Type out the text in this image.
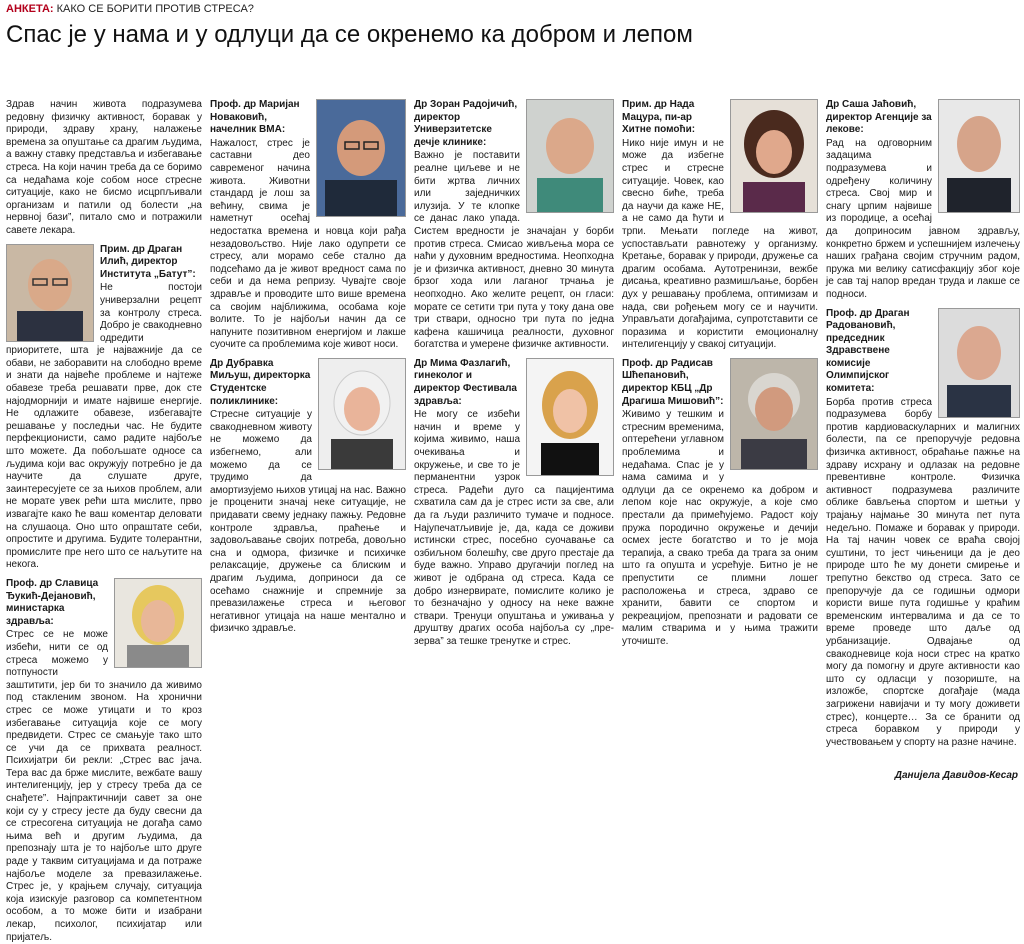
АНКЕТА: КАКО СЕ БОРИТИ ПРОТИВ СТРЕСА?
Спас је у нама и у одлуци да се окренемо ка добром и лепом

Здрав начин живота подразумева редовну физичку активност, боравак у природи, здраву храну, налажење времена за опуштање са драгим људима, а важну ставку представља и избегавање стреса. На који начин треба да се боримо са недаћама које собом носе стресне ситуације, како не бисмо исцрпљивали организам и патили од болести „на нервној бази”, питало смо и потражили савете лекара.

Прим. др Драган Илић, директор Института „Батут”:

Не постоји универзални рецепт за контролу стреса. Добро је свакодневно одредити приоритете, шта је најважније да се обави, не заборавити на слободно време и знати да највеће проблеме и најтеже обавезе треба решавати прве, док сте најодморнији и имате највише енергије. Не одлажите обавезе, избегавајте решавање у последњи час. Не будите перфекционисти, само радите најбоље што можете. Да побољшате односе са људима који вас окружују потребно је да научите да слушате друге, заинтересујете се за њихов проблем, али не морате увек рећи шта мислите, прво извагајте како ће ваш коментар деловати на слушаоца. Оно што опраштате себи, опростите и другима. Будите толерантни, промислите пре него што се наљутите на некога.

Проф. др Славица Ђукић-Дејановић, министарка здравља:

Стрес се не може избећи, нити се од стреса можемо у потпуности заштитити, јер би то значило да живимо под стакленим звоном. На хронични стрес се може утицати и то кроз избегавање ситуација које се могу предвидети. Стрес се смањује тако што се учи да се прихвата реалност. Психијатри би рекли: „Стрес вас јача. Тера вас да брже мислите, вежбате вашу интелигенцију, јер у стресу треба да се снађете”. Најпрактичнији савет за оне који су у стресу јесте да буду свесни да се стресогена ситуација не догађа само њима већ и другим људима, да препознају шта је то најбоље што друге раде у таквим ситуацијама и да потраже најбоље моделе за превазилажење. Стрес је, у крајњем случају, ситуација која изискује разговор са компетентном особом, а то може бити и изабрани лекар, психолог, психијатар или пријатељ.

Проф. др Маријан Новаковић, начелник ВМА:

Нажалост, стрес је саставни део савременог начина живота. Животни стандард је лош за већину, свима је наметнут осећај недостатка времена и новца који рађа незадовољство. Није лако одупрети се стресу, али морамо себе стално да подсећамо да је живот вредност сама по себи и да нема репризу. Чувајте своје здравље и проводите што више времена са својим најближима, особама које волите. То је најбољи начин да се напуните позитивном енергијом и лакше суочите са проблемима које живот носи.

Др Дубравка Миљуш, директорка Студентске поликлинике:

Стресне ситуације у свакодневном животу не можемо да избегнемо, али можемо да се трудимо да амортизујемо њихов утицај на нас. Важно је проценити значај неке ситуације, не придавати свему једнаку пажњу. Редовне контроле здравља, праћење и задовољавање својих потреба, довољно сна и одмора, физичке и психичке релаксације, дружење са блиским и драгим људима, доприноси да се осећамо снажније и спремније за превазилажење стреса и његовог негативног утицаја на наше ментално и физичко здравље.

Др Зоран Радојичић, директор Универзитетске дечје клинике:

Важно је поставити реалне циљеве и не бити жртва личних или заједничких илузија. У те клопке се данас лако упада. Систем вредности је значајан у борби против стреса. Смисао живљења мора се наћи у духовним вредностима. Неопходна је и физичка активност, дневно 30 минута брзог хода или лаганог трчања је неопходно. Ако желите рецепт, он гласи: морате се сетити три пута у току дана ове три ствари, односно три пута по једна кафена кашичица реалности, духовног богатства и умерене физичке активности.

Др Мима Фазлагић, гинеколог и директор Фестивала здравља:

Не могу се избећи начин и време у којима живимо, наша очекивања и окружење, и све то је перманентни узрок стреса. Радећи дуго са пацијентима схватила сам да је стрес исти за све, али да га људи различито тумаче и подносе. Најупечатљивије је, да, када се доживи истински стрес, посебно суочавање са озбиљном болешћу, све друго престаје да буде важно. Управо другачији поглед на живот је одбрана од стреса. Када се добро изнервирате, помислите колико је то безначајно у односу на неке важне ствари. Тренуци опуштања и уживања у друштву драгих особа најбоља су „пре-зерва” за тешке тренутке и стрес.

Прим. др Нада Мацура, пи-ар Хитне помоћи:

Нико није имун и не може да избегне стрес и стресне ситуације. Човек, као свесно биће, треба да научи да каже НЕ, а не само да ћути и трпи. Мењати погледе на живот, успостављати равнотежу у организму. Кретање, боравак у природи, дружење са драгим особама. Аутотренинзи, вежбе дисања, креативно размишљање, борбен дух у решавању проблема, оптимизам и нада, сви рођењем могу се и научити. Управљати догађајима, супротставити се поразима и користити емоционалну интелигенцију у свакој ситуацији.

Проф. др Радисав Шћепановић, директор КБЦ „Др Драгиша Мишовић”:

Живимо у тешким и стресним временима, оптерећени углавном проблемима и недаћама. Спас је у нама самима и у одлуци да се окренемо ка добром и лепом које нас окружује, а које смо престали да примећујемо. Радост коју пружа породично окружење и дечији осмех јесте богатство и то је моја терапија, а свако треба да трага за оним што га опушта и усрећује. Битно је не препустити се плимни лошег расположења и стреса, здраво се хранити, бавити се спортом и рекреацијом, препознати и радовати се малим стварима и у њима тражити уточиште.

Др Саша Јаћовић, директор Агенције за лекове:

Рад на одговорним задацима подразумева и одређену количину стреса. Свој мир и снагу црпим највише из породице, а осећај да доприносим јавном здрављу, конкретно бржем и успешнијем излечењу наших грађана својим стручним радом, пружа ми велику сатисфакцију због које је сав тај напор вредан труда и лакше се подноси.

Проф. др Драган Радовановић, председник Здравствене комисије Олимпијског комитета:

Борба против стреса подразумева борбу против кардиоваскуларних и малигних болести, па се препоручује редовна физичка активност, обраћање пажње на здраву исхрану и одлазак на редовне превентивне контроле. Физичка активност подразумева различите облике бављења спортом и шетњи у трајању најмање 30 минута пет пута недељно. Помаже и боравак у природи. На тај начин човек се враћа својој суштини, то јест чињеници да је део природе што ће му донети смирење и трепутно бекство од стреса. Зато се препоручује да се годишњи одмори користи више пута годишње у краћим временским интервалима и да се то време проведе што даље од урбанизације. Одвајање од свакодневице која носи стрес на кратко могу да помогну и друге активности као што су одласци у позориште, на изложбе, спортске догађаје (мада загрижени навијачи и ту могу доживети стрес), концерте… За се бранити од стреса боравком у природи у учествовањем у спорту на разне начине.

Данијела Давидов-Кесар
